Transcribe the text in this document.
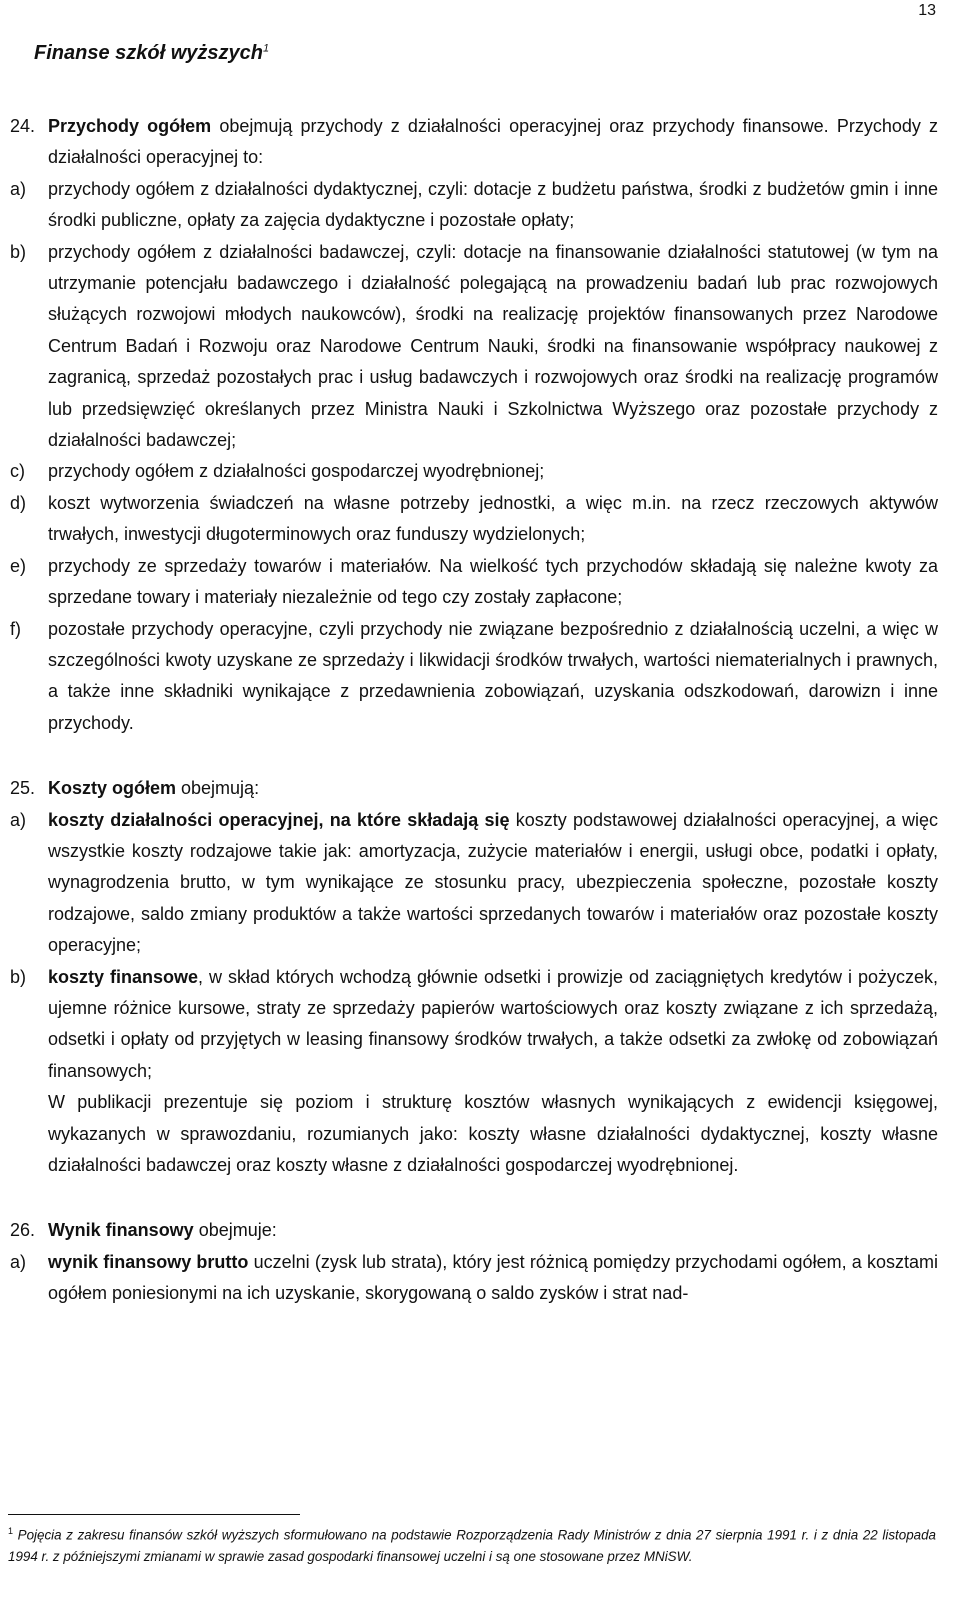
13
Finanse szkół wyższych$^1$
24. Przychody ogółem obejmują przychody z działalności operacyjnej oraz przychody finansowe. Przychody z działalności operacyjnej to:
a)	przychody ogółem z działalności dydaktycznej, czyli: dotacje z budżetu państwa, środki z budżetów gmin i inne środki publiczne, opłaty za zajęcia dydaktyczne i pozostałe opłaty;
b)	przychody ogółem z działalności badawczej, czyli: dotacje na finansowanie działalności statutowej (w tym na utrzymanie potencjału badawczego i działalność polegającą na prowadzeniu badań lub prac rozwojowych służących rozwojowi młodych naukowców), środki na realizację projektów finansowanych przez Narodowe Centrum Badań i Rozwoju oraz Narodowe Centrum Nauki, środki na finansowanie współpracy naukowej z zagranicą, sprzedaż pozostałych prac i usług badawczych i rozwojowych oraz środki na realizację programów lub przedsięwzięć określanych przez Ministra Nauki i Szkolnictwa Wyższego oraz pozostałe przychody z działalności badawczej;
c)	przychody ogółem z działalności gospodarczej wyodrębnionej;
d)	koszt wytworzenia świadczeń na własne potrzeby jednostki, a więc m.in. na rzecz rzeczowych aktywów trwałych, inwestycji długoterminowych oraz funduszy wydzielonych;
e)	przychody ze sprzedaży towarów i materiałów. Na wielkość tych przychodów składają się należne kwoty za sprzedane towary i materiały niezależnie od tego czy zostały zapłacone;
f)	pozostałe przychody operacyjne, czyli przychody nie związane bezpośrednio z działalnością uczelni, a więc w szczególności kwoty uzyskane ze sprzedaży i likwidacji środków trwałych, wartości niematerialnych i prawnych, a także inne składniki wynikające z przedawnienia zobowiązań, uzyskania odszkodowań, darowizn i inne przychody.
25. Koszty ogółem obejmują:
a)	koszty działalności operacyjnej, na które składają się koszty podstawowej działalności operacyjnej, a więc wszystkie koszty rodzajowe takie jak: amortyzacja, zużycie materiałów i energii, usługi obce, podatki i opłaty, wynagrodzenia brutto, w tym wynikające ze stosunku pracy, ubezpieczenia społeczne, pozostałe koszty rodzajowe, saldo zmiany produktów a także wartości sprzedanych towarów i materiałów oraz pozostałe koszty operacyjne;
b)	koszty finansowe, w skład których wchodzą głównie odsetki i prowizje od zaciągniętych kredytów i pożyczek, ujemne różnice kursowe, straty ze sprzedaży papierów wartościowych oraz koszty związane z ich sprzedażą, odsetki i opłaty od przyjętych w leasing finansowy środków trwałych, a także odsetki za zwłokę od zobowiązań finansowych;
W publikacji prezentuje się poziom i strukturę kosztów własnych wynikających z ewidencji księgowej, wykazanych w sprawozdaniu, rozumianych jako: koszty własne działalności dydaktycznej, koszty własne działalności badawczej oraz koszty własne z działalności gospodarczej wyodrębnionej.
26. Wynik finansowy obejmuje:
a)	wynik finansowy brutto uczelni (zysk lub strata), który jest różnicą pomiędzy przychodami ogółem, a kosztami ogółem poniesionymi na ich uzyskanie, skorygowaną o saldo zysków i strat nad-
$^1$ Pojęcia z zakresu finansów szkół wyższych sformułowano na podstawie Rozporządzenia Rady Ministrów z dnia 27 sierpnia 1991 r. i z dnia 22 listopada 1994 r. z późniejszymi zmianami w sprawie zasad gospodarki finansowej uczelni i są one stosowane przez MNiSW.
